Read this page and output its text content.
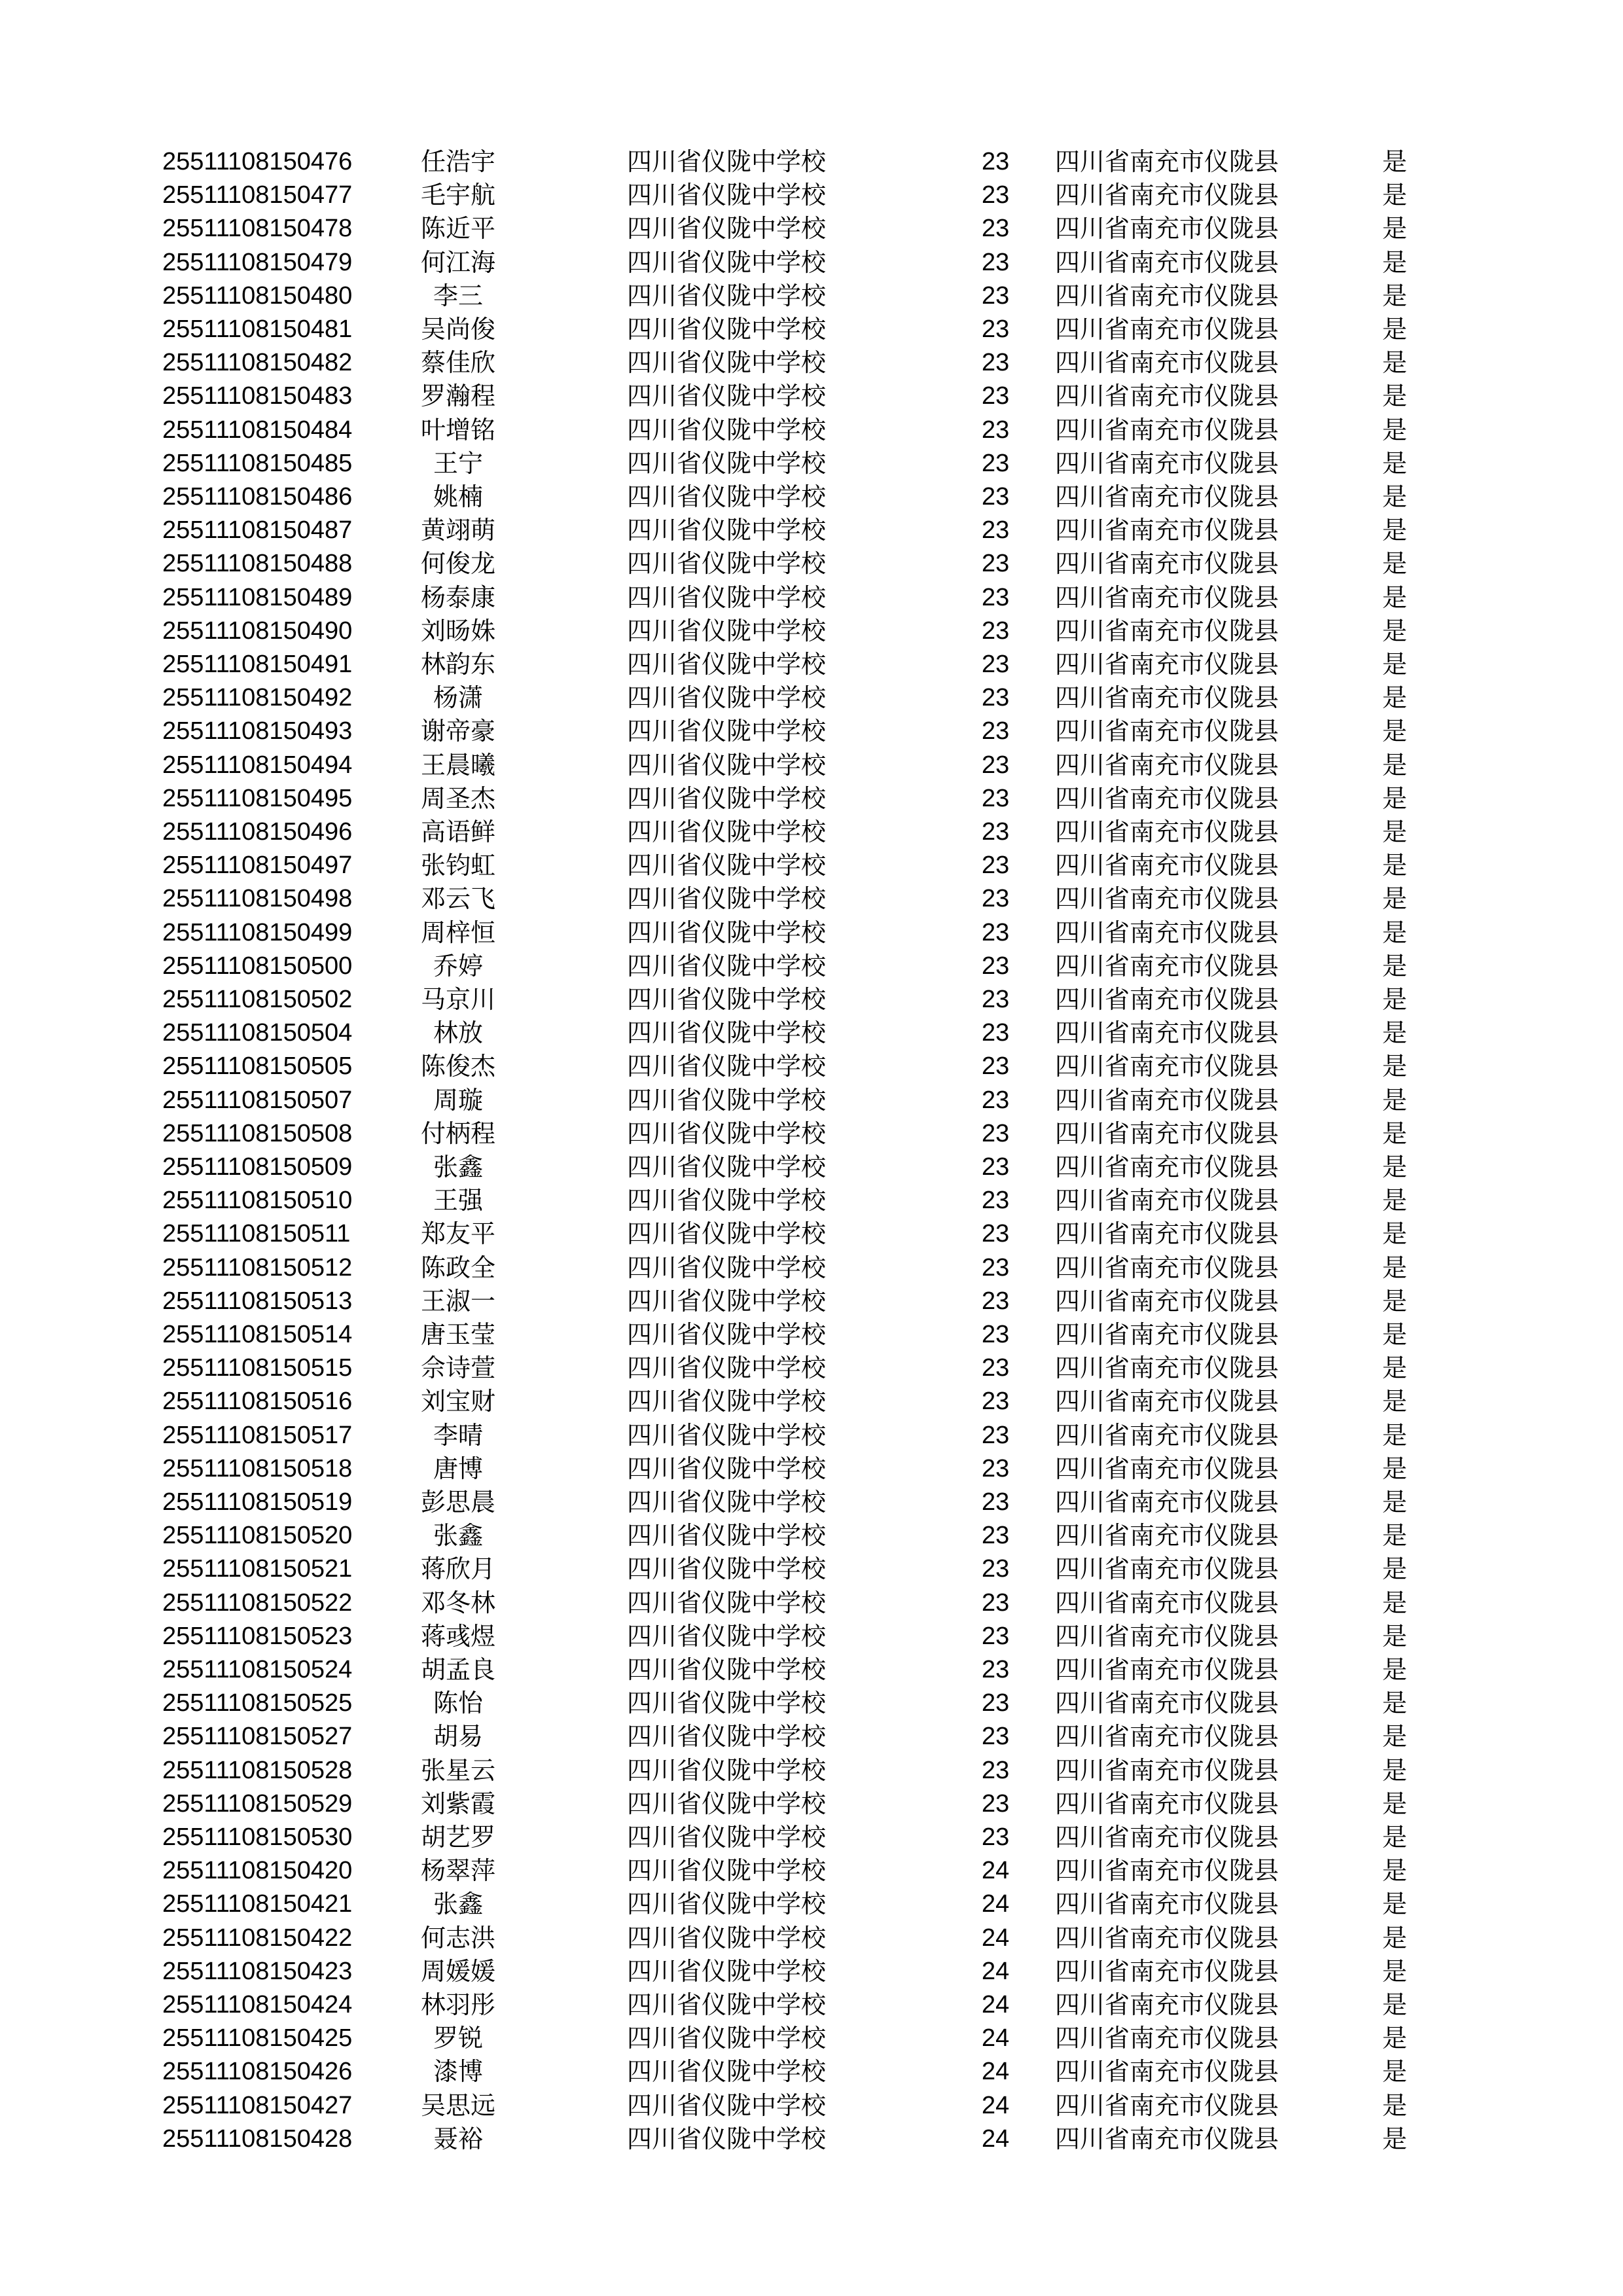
25511108150476	任浩宇	四川省仪陇中学校	23	四川省南充市仪陇县	是
25511108150477	毛宇航	四川省仪陇中学校	23	四川省南充市仪陇县	是
25511108150478	陈近平	四川省仪陇中学校	23	四川省南充市仪陇县	是
25511108150479	何江海	四川省仪陇中学校	23	四川省南充市仪陇县	是
25511108150480	李三	四川省仪陇中学校	23	四川省南充市仪陇县	是
25511108150481	吴尚俊	四川省仪陇中学校	23	四川省南充市仪陇县	是
25511108150482	蔡佳欣	四川省仪陇中学校	23	四川省南充市仪陇县	是
25511108150483	罗瀚程	四川省仪陇中学校	23	四川省南充市仪陇县	是
25511108150484	叶增铭	四川省仪陇中学校	23	四川省南充市仪陇县	是
25511108150485	王宁	四川省仪陇中学校	23	四川省南充市仪陇县	是
25511108150486	姚楠	四川省仪陇中学校	23	四川省南充市仪陇县	是
25511108150487	黄翊萌	四川省仪陇中学校	23	四川省南充市仪陇县	是
25511108150488	何俊龙	四川省仪陇中学校	23	四川省南充市仪陇县	是
25511108150489	杨泰康	四川省仪陇中学校	23	四川省南充市仪陇县	是
25511108150490	刘旸姝	四川省仪陇中学校	23	四川省南充市仪陇县	是
25511108150491	林韵东	四川省仪陇中学校	23	四川省南充市仪陇县	是
25511108150492	杨潇	四川省仪陇中学校	23	四川省南充市仪陇县	是
25511108150493	谢帝豪	四川省仪陇中学校	23	四川省南充市仪陇县	是
25511108150494	王晨曦	四川省仪陇中学校	23	四川省南充市仪陇县	是
25511108150495	周圣杰	四川省仪陇中学校	23	四川省南充市仪陇县	是
25511108150496	高语鲜	四川省仪陇中学校	23	四川省南充市仪陇县	是
25511108150497	张钧虹	四川省仪陇中学校	23	四川省南充市仪陇县	是
25511108150498	邓云飞	四川省仪陇中学校	23	四川省南充市仪陇县	是
25511108150499	周梓恒	四川省仪陇中学校	23	四川省南充市仪陇县	是
25511108150500	乔婷	四川省仪陇中学校	23	四川省南充市仪陇县	是
25511108150502	马京川	四川省仪陇中学校	23	四川省南充市仪陇县	是
25511108150504	林放	四川省仪陇中学校	23	四川省南充市仪陇县	是
25511108150505	陈俊杰	四川省仪陇中学校	23	四川省南充市仪陇县	是
25511108150507	周璇	四川省仪陇中学校	23	四川省南充市仪陇县	是
25511108150508	付柄程	四川省仪陇中学校	23	四川省南充市仪陇县	是
25511108150509	张鑫	四川省仪陇中学校	23	四川省南充市仪陇县	是
25511108150510	王强	四川省仪陇中学校	23	四川省南充市仪陇县	是
25511108150511	郑友平	四川省仪陇中学校	23	四川省南充市仪陇县	是
25511108150512	陈政全	四川省仪陇中学校	23	四川省南充市仪陇县	是
25511108150513	王淑一	四川省仪陇中学校	23	四川省南充市仪陇县	是
25511108150514	唐玉莹	四川省仪陇中学校	23	四川省南充市仪陇县	是
25511108150515	佘诗萱	四川省仪陇中学校	23	四川省南充市仪陇县	是
25511108150516	刘宝财	四川省仪陇中学校	23	四川省南充市仪陇县	是
25511108150517	李晴	四川省仪陇中学校	23	四川省南充市仪陇县	是
25511108150518	唐博	四川省仪陇中学校	23	四川省南充市仪陇县	是
25511108150519	彭思晨	四川省仪陇中学校	23	四川省南充市仪陇县	是
25511108150520	张鑫	四川省仪陇中学校	23	四川省南充市仪陇县	是
25511108150521	蒋欣月	四川省仪陇中学校	23	四川省南充市仪陇县	是
25511108150522	邓冬林	四川省仪陇中学校	23	四川省南充市仪陇县	是
25511108150523	蒋彧煜	四川省仪陇中学校	23	四川省南充市仪陇县	是
25511108150524	胡孟良	四川省仪陇中学校	23	四川省南充市仪陇县	是
25511108150525	陈怡	四川省仪陇中学校	23	四川省南充市仪陇县	是
25511108150527	胡易	四川省仪陇中学校	23	四川省南充市仪陇县	是
25511108150528	张星云	四川省仪陇中学校	23	四川省南充市仪陇县	是
25511108150529	刘紫霞	四川省仪陇中学校	23	四川省南充市仪陇县	是
25511108150530	胡艺罗	四川省仪陇中学校	23	四川省南充市仪陇县	是
25511108150420	杨翠萍	四川省仪陇中学校	24	四川省南充市仪陇县	是
25511108150421	张鑫	四川省仪陇中学校	24	四川省南充市仪陇县	是
25511108150422	何志洪	四川省仪陇中学校	24	四川省南充市仪陇县	是
25511108150423	周媛媛	四川省仪陇中学校	24	四川省南充市仪陇县	是
25511108150424	林羽彤	四川省仪陇中学校	24	四川省南充市仪陇县	是
25511108150425	罗锐	四川省仪陇中学校	24	四川省南充市仪陇县	是
25511108150426	漆博	四川省仪陇中学校	24	四川省南充市仪陇县	是
25511108150427	吴思远	四川省仪陇中学校	24	四川省南充市仪陇县	是
25511108150428	聂裕	四川省仪陇中学校	24	四川省南充市仪陇县	是
